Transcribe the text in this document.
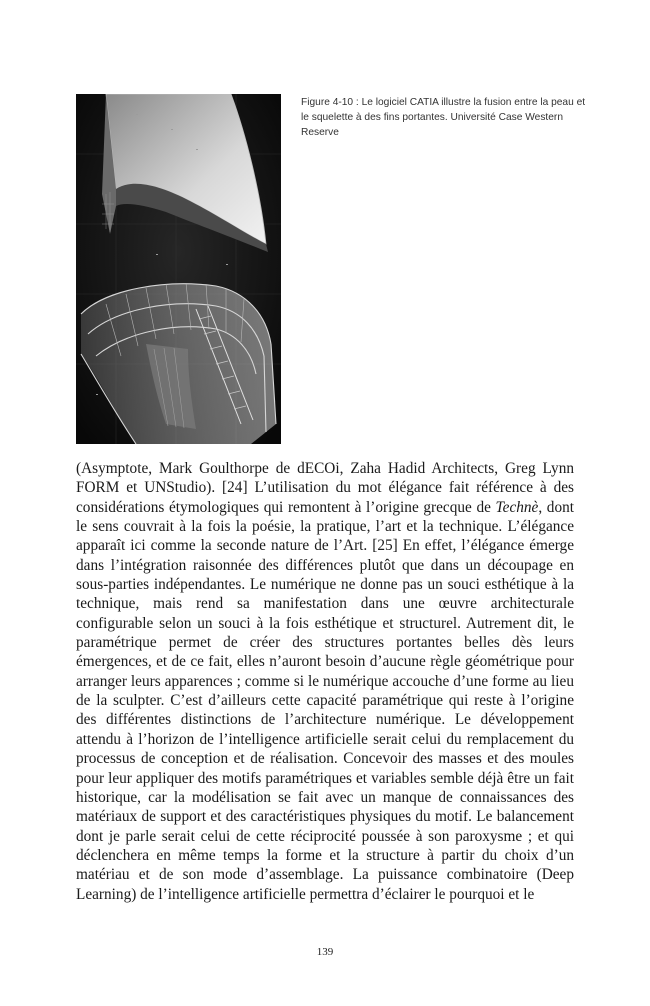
Figure 4-10 : Le logiciel CATIA illustre la fusion entre la peau et le squelette à des fins portantes. Université Case Western Reserve
(Asymptote, Mark Goulthorpe de dECOi, Zaha Hadid Architects, Greg Lynn FORM et UNStudio). [24] L’utilisation du mot élégance fait référence à des considérations étymologiques qui remontent à l’origine grecque de Technè, dont le sens couvrait à la fois la poésie, la pratique, l’art et la technique. L’élégance apparaît ici comme la seconde nature de l’Art. [25] En effet, l’élégance émerge dans l’intégration raisonnée des différences plutôt que dans un découpage en sous-parties indépendantes. Le numérique ne donne pas un souci esthétique à la technique, mais rend sa manifestation dans une œuvre architecturale configurable selon un souci à la fois esthétique et structurel. Autrement dit, le paramétrique permet de créer des structures portantes belles dès leurs émergences, et de ce fait, elles n’auront besoin d’aucune règle géométrique pour arranger leurs apparences ; comme si le numérique accouche d’une forme au lieu de la sculpter. C’est d’ailleurs cette capacité paramétrique qui reste à l’origine des différentes distinctions de l’architecture numérique. Le développement attendu à l’horizon de l’intelligence artificielle serait celui du remplacement du processus de conception et de réalisation. Concevoir des masses et des moules pour leur appliquer des motifs paramétriques et variables semble déjà être un fait historique, car la modélisation se fait avec un manque de connaissances des matériaux de support et des caractéristiques physiques du motif. Le balancement dont je parle serait celui de cette réciprocité poussée à son paroxysme ; et qui déclenchera en même temps la forme et la structure à partir du choix d’un matériau et de son mode d’assemblage. La puissance combinatoire (Deep Learning) de l’intelligence artificielle permettra d’éclairer le pourquoi et le
139
